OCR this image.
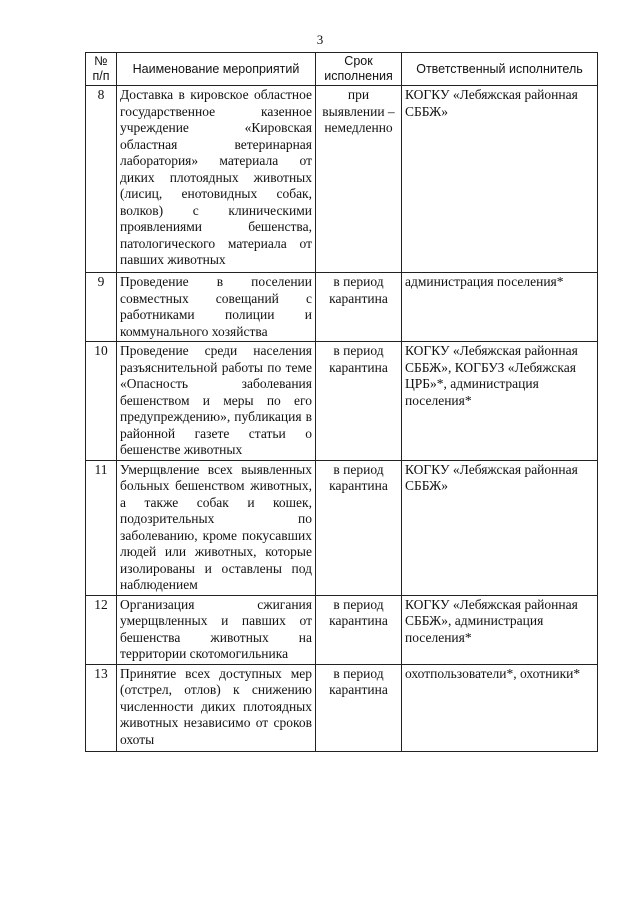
3
№ п/п	Наименование мероприятий	Срок исполнения	Ответственный исполнитель
8	Доставка в кировское областное государственное казенное учреждение «Кировская областная ветеринарная лаборатория» материала от диких плотоядных животных (лисиц, енотовидных собак, волков) с клиническими проявлениями бешенства, патологического материала от павших животных	при выявлении – немедленно	КОГКУ «Лебяжская районная СББЖ»
9	Проведение в поселении совместных совещаний с работниками полиции и коммунального хозяйства	в период карантина	администрация поселения*
10	Проведение среди населения разъяснительной работы по теме «Опасность заболевания бешенством и меры по его предупреждению», публикация в районной газете статьи о бешенстве животных	в период карантина	КОГКУ «Лебяжская районная СББЖ», КОГБУЗ «Лебяжская ЦРБ»*, администрация поселения*
11	Умерщвление всех выявленных больных бешенством животных, а также собак и кошек, подозрительных по заболеванию, кроме покусавших людей или животных, которые изолированы и оставлены под наблюдением	в период карантина	КОГКУ «Лебяжская районная СББЖ»
12	Организация сжигания умерщвленных и павших от бешенства животных на территории скотомогильника	в период карантина	КОГКУ «Лебяжская районная СББЖ», администрация поселения*
13	Принятие всех доступных мер (отстрел, отлов) к снижению численности диких плотоядных животных независимо от сроков охоты	в период карантина	охотпользователи*, охотники*
